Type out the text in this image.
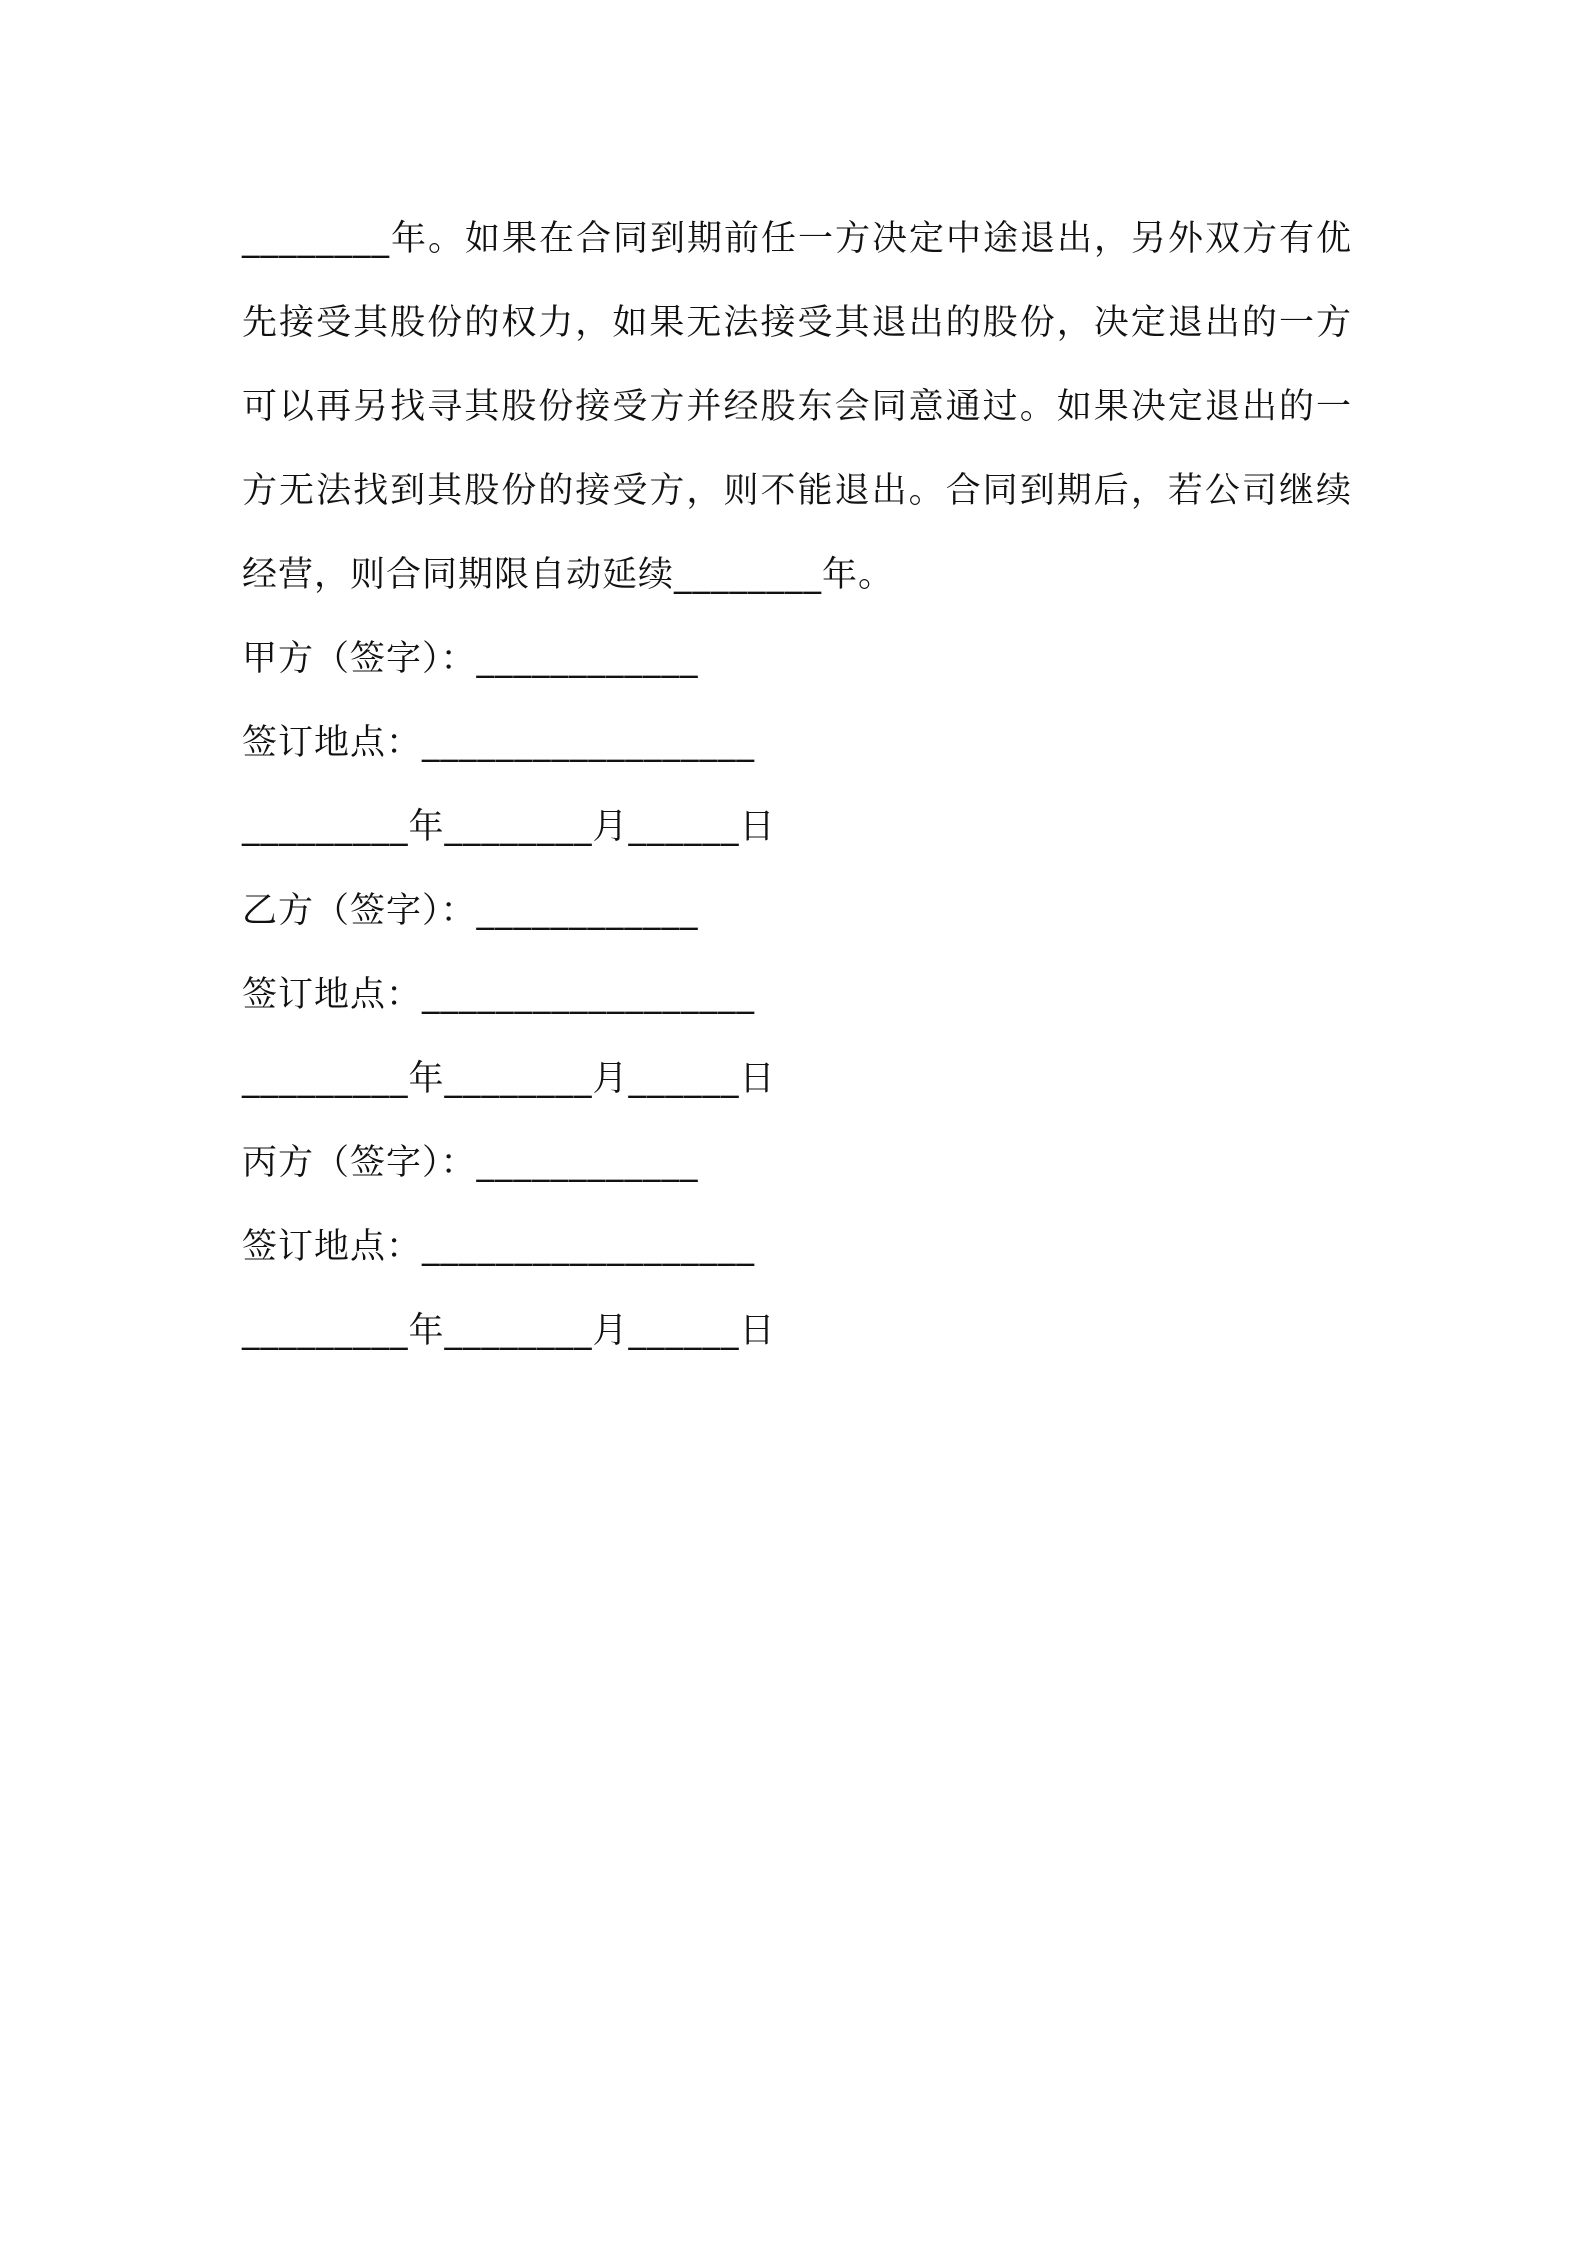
________年。如果在合同到期前任一方决定中途退出，另外双方有优先接受其股份的权力，如果无法接受其退出的股份，决定退出的一方可以再另找寻其股份接受方并经股东会同意通过。如果决定退出的一方无法找到其股份的接受方，则不能退出。合同到期后，若公司继续经营，则合同期限自动延续________年。

甲方（签字）：____________
签订地点：__________________
_________年________月______日
乙方（签字）：____________
签订地点：__________________
_________年________月______日
丙方（签字）：____________
签订地点：__________________
_________年________月______日
